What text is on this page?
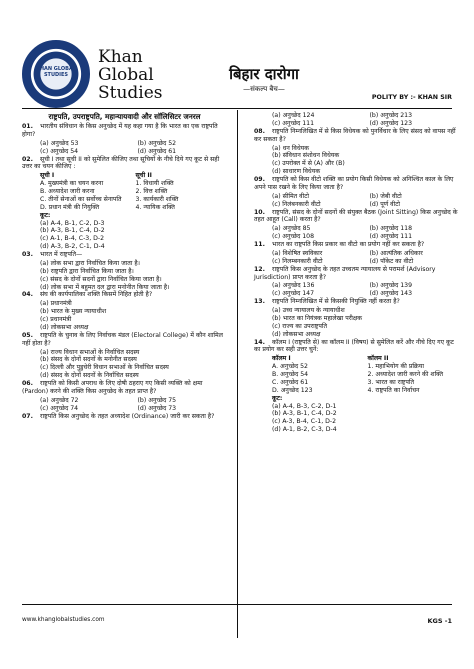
KHAN GLOBAL STUDIES
Khan
Global
Studies
बिहार दारोगा
—संकल्प बैच—
POLITY BY :- KHAN SIR
राष्ट्रपति, उपराष्ट्रपति, महान्यायवादी और सॉलिसिटर जनरल
01. भारतीय संविधान के किस अनुच्छेद में यह कहा गया है कि भारत का एक राष्ट्रपति होगा?
(a) अनुच्छेद 53	(b) अनुच्छेद 52
(c) अनुच्छेद 54	(d) अनुच्छेद 61
02. सूची I तथा सूची II को सुमेलित कीजिए तथा सूचियों के नीचे दिये गए कूट से सही उत्तर का चयन कीजिए :
सूची I	सूची II
A. मुख्यमंत्री का चयन करना	1. विधायी शक्ति
B. अध्यादेश जारी करना	2. वित्त शक्ति
C. तीनों सेनाओं का सर्वोच्च सेनापति	3. कार्यकारी शक्ति
D. प्रधान मंत्री की नियुक्ति	4. न्यायिक शक्ति
कूट:
(a) A-4, B-1, C-2, D-3
(b) A-3, B-1, C-4, D-2
(c) A-1, B-4, C-3, D-2
(d) A-3, B-2, C-1, D-4
03. भारत में राष्ट्रपति—
(a) लोक सभा द्वारा निर्वाचित किया जाता है।
(b) राष्ट्रपति द्वारा निर्वाचित किया जाता है।
(c) संसद के दोनों सदनों द्वारा निर्वाचित किया जाता है।
(d) लोक सभा में बहुमत दल द्वारा मनोनीत किया जाता है।
04. संघ की कार्यपालिका शक्ति किसमें निहित होती है?
(a) प्रधानमंत्री
(b) भारत के मुख्य न्यायाधीश
(c) प्रधानमंत्री
(d) लोकसभा अध्यक्ष
05. राष्ट्रपति के चुनाव के लिए निर्वाचक मंडल (Electoral College) में कौन शामिल नहीं होता है?
(a) राज्य विधान सभाओं के निर्वाचित सदस्य
(b) संसद के दोनों सदनों के मनोनीत सदस्य
(c) दिल्ली और पुडुचेरी विधान सभाओं के निर्वाचित सदस्य
(d) संसद के दोनों सदनों के निर्वाचित सदस्य
06. राष्ट्रपति को किसी अपराध के लिए दोषी ठहराए गए किसी व्यक्ति को क्षमा (Pardon) करने की शक्ति किस अनुच्छेद के तहत प्राप्त है?
(a) अनुच्छेद 72	(b) अनुच्छेद 75
(c) अनुच्छेद 74	(d) अनुच्छेद 73
07. राष्ट्रपति किस अनुच्छेद के तहत अध्यादेश (Ordinance) जारी कर सकता है?
(a) अनुच्छेद 124	(b) अनुच्छेद 213
(c) अनुच्छेद 111	(d) अनुच्छेद 123
08. राष्ट्रपति निम्नलिखित में से किस विधेयक को पुनर्विचार के लिए संसद को वापस नहीं कर सकता है?
(a) धन विधेयक
(b) संविधान संशोधन विधेयक
(c) उपरोक्त में से (A) और (B)
(d) साधारण विधेयक
09. राष्ट्रपति को किस वीटो शक्ति का प्रयोग किसी विधेयक को अनिश्चित काल के लिए अपने पास रखने के लिए किया जाता है?
(a) सीमित वीटो	(b) जेबी वीटो
(c) निलंबनकारी वीटो	(d) पूर्ण वीटो
10. राष्ट्रपति, संसद के दोनों सदनों की संयुक्त बैठक (Joint Sitting) किस अनुच्छेद के तहत आहूत (Call) करता है?
(a) अनुच्छेद 85	(b) अनुच्छेद 118
(c) अनुच्छेद 108	(d) अनुच्छेद 111
11. भारत का राष्ट्रपति किस प्रकार का वीटो का प्रयोग नहीं कर सकता है?
(a) विशेषित स्वविकार	(b) आत्यंतिक अधिकार
(c) निलम्बनकारी वीटो	(d) पॉकेट का वीटो
12. राष्ट्रपति किस अनुच्छेद के तहत उच्चतम न्यायालय से परामर्श (Advisory Jurisdiction) प्राप्त करता है?
(a) अनुच्छेद 136	(b) अनुच्छेद 139
(c) अनुच्छेद 147	(d) अनुच्छेद 143
13. राष्ट्रपति निम्नलिखित में से किसकी नियुक्ति नहीं करता है?
(a) उच्च न्यायालय के न्यायाधीश
(b) भारत का नियंत्रक महालेखा परीक्षक
(c) राज्य का उपराष्ट्रपति
(d) लोकसभा अध्यक्ष
14. कॉलम I (राष्ट्रपति से) का कॉलम II (विषय) से सुमेलित करें और नीचे दिए गए कूट का प्रयोग कर सही उत्तर चुनें:
कॉलम I	कॉलम II
A. अनुच्छेद 52	1. महाभियोग की प्रक्रिया
B. अनुच्छेद 54	2. अध्यादेश जारी करने की शक्ति
C. अनुच्छेद 61	3. भारत का राष्ट्रपति
D. अनुच्छेद 123	4. राष्ट्रपति का निर्वाचन
कूट:
(a) A-4, B-3, C-2, D-1
(b) A-3, B-1, C-4, D-2
(c) A-3, B-4, C-1, D-2
(d) A-1, B-2, C-3, D-4
www.khanglobalstudies.com	KGS -1
